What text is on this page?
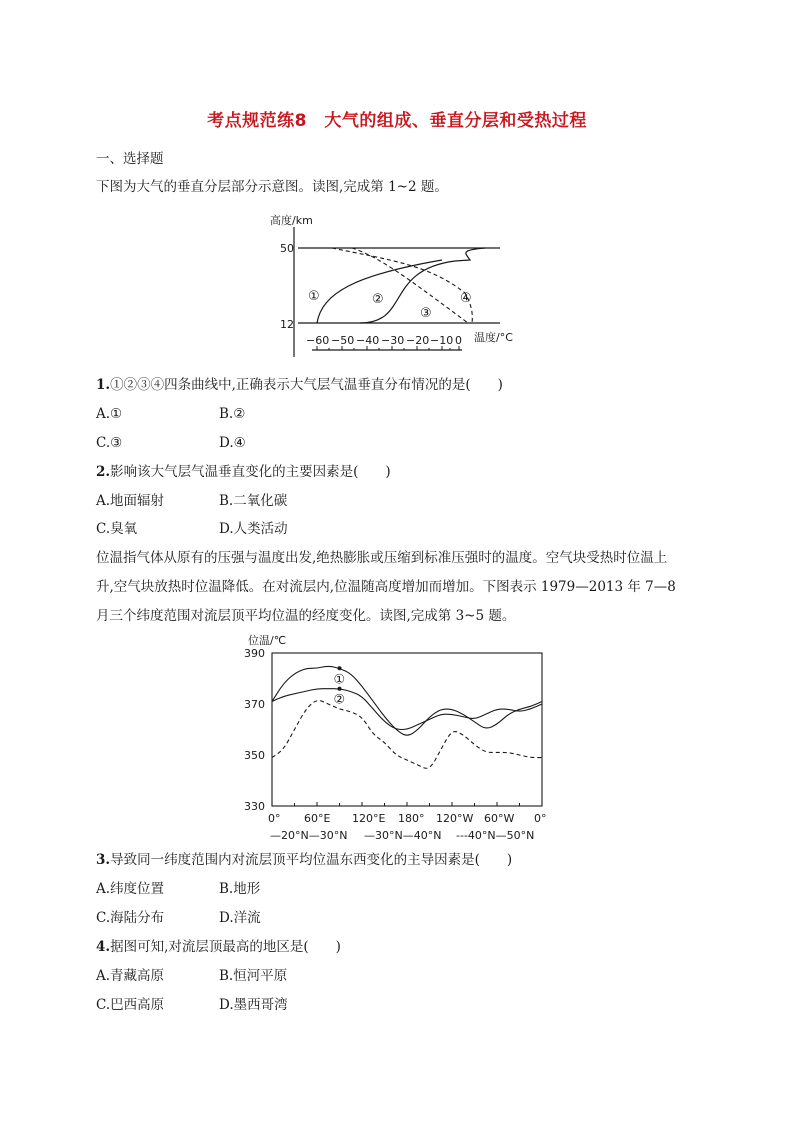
考点规范练8　大气的组成、垂直分层和受热过程
一、选择题
下图为大气的垂直分层部分示意图。读图,完成第 1~2 题。
高度/km
50
12
−60 −50 −40 −30 −20 −10 0 温度/°C
①	②
③
④
1.①②③④四条曲线中,正确表示大气层气温垂直分布情况的是(　　)
A.①	B.②
C.③	D.④
2.影响该大气层气温垂直变化的主要因素是(　　)
A.地面辐射	B.二氧化碳
C.臭氧	D.人类活动
位温指气体从原有的压强与温度出发,绝热膨胀或压缩到标准压强时的温度。空气块受热时位温上
升,空气块放热时位温降低。在对流层内,位温随高度增加而增加。下图表示 1979—2013 年 7—8
月三个纬度范围对流层顶平均位温的经度变化。读图,完成第 3~5 题。
位温/℃
390
370
350
330
0° 60°E 120°E 180° 120°W 60°W 0°
①
②
—20°N—30°N —30°N—40°N ---40°N—50°N
3.导致同一纬度范围内对流层顶平均位温东西变化的主导因素是(　　)
A.纬度位置	B.地形
C.海陆分布	D.洋流
4.据图可知,对流层顶最高的地区是(　　)
A.青藏高原	B.恒河平原
C.巴西高原	D.墨西哥湾
